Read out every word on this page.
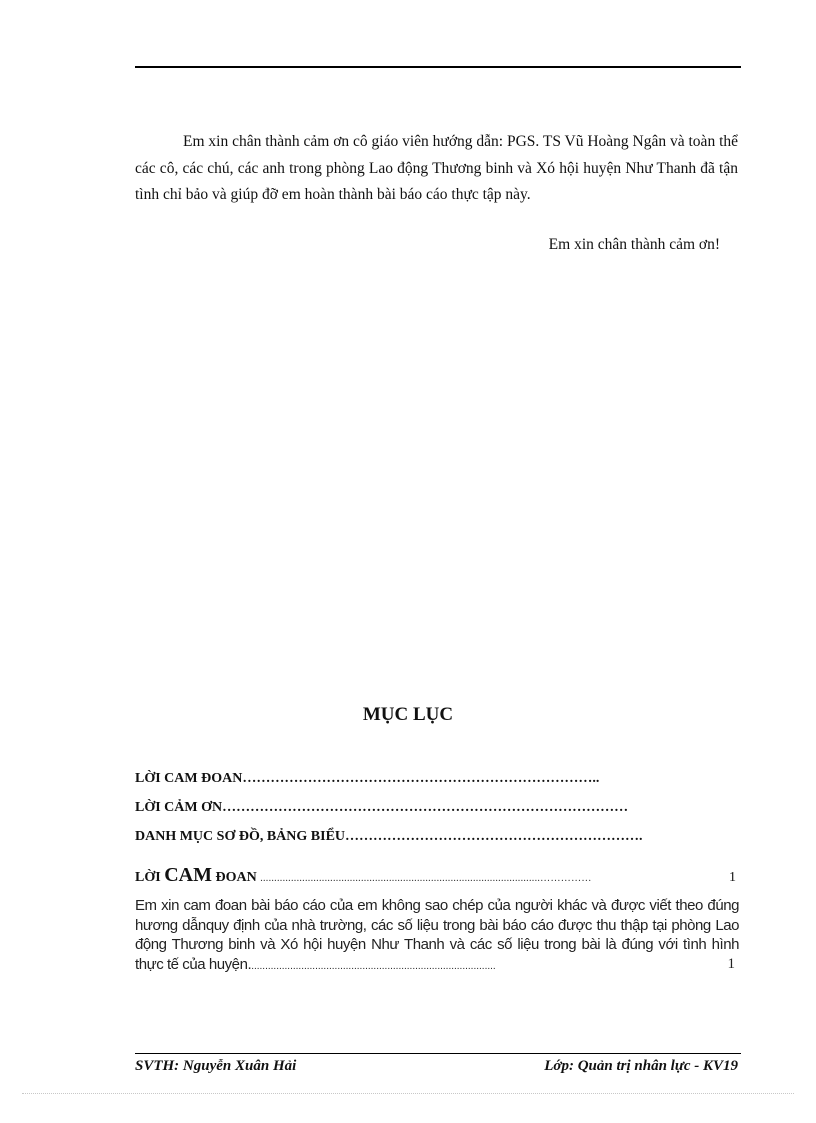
Em xin chân thành cảm ơn cô giáo viên hướng dẫn: PGS. TS Vũ Hoàng Ngân và toàn thể các cô, các chú, các anh trong phòng Lao động Thương binh và Xó hội huyện Như Thanh đã tận tình chỉ bảo và giúp đỡ em hoàn thành bài báo cáo thực tập này.

Em xin chân thành cảm ơn!
MỤC LỤC
LỜI CAM ĐOAN…………………………………………………………………..
LỜI CẢM ƠN……………………………………………………………………………
DANH MỤC SƠ ĐỒ, BẢNG BIỂU……………………………………………………….
LỜI CAM ĐOAN ....................................................................................................……………	1
Em xin cam đoan bài báo cáo của em không sao chép của người khác và được viết theo đúng hương dẫnquy định của nhà trường, các số liệu trong bài báo cáo được thu thập tại phòng Lao động Thương binh và Xó hội huyện Như Thanh và các số liệu trong bài là đúng với tình hình thực tế của huyện.........................................................................................	1
SVTH: Nguyễn Xuân Hải	Lớp: Quản trị nhân lực - KV19
